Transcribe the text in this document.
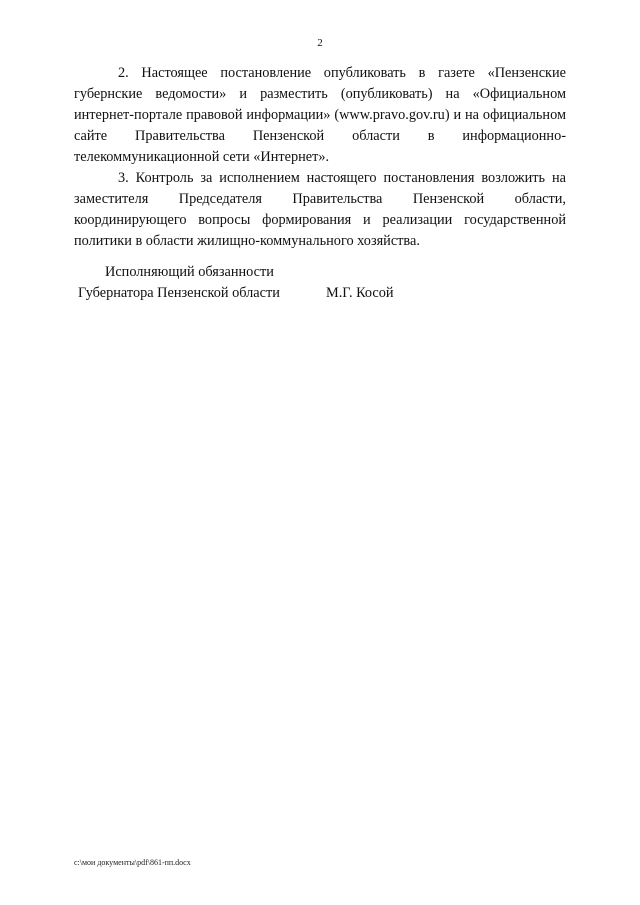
2

2. Настоящее постановление опубликовать в газете «Пензенские губернские ведомости» и разместить (опубликовать) на «Официальном интернет-портале правовой информации» (www.pravo.gov.ru) и на официальном сайте Правительства Пензенской области в информационно-телекоммуникационной сети «Интернет».

3. Контроль за исполнением настоящего постановления возложить на заместителя Председателя Правительства Пензенской области, координирующего вопросы формирования и реализации государственной политики в области жилищно-коммунального хозяйства.

Исполняющий обязанности
Губернатора Пензенской области	М.Г. Косой
c:\мои документы\pdf\861-пп.docx
